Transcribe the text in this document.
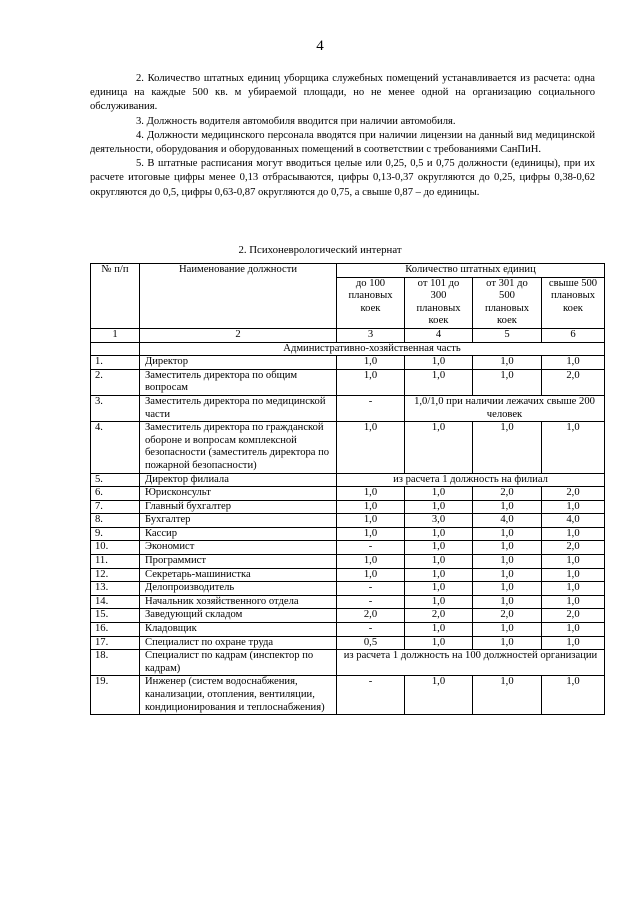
4

2. Количество штатных единиц уборщика служебных помещений устанавливается из расчета: одна единица на каждые 500 кв. м убираемой площади, но не менее одной на организацию социального обслуживания.

3. Должность водителя автомобиля вводится при наличии автомобиля.

4. Должности медицинского персонала вводятся при наличии лицензии на данный вид медицинской деятельности, оборудования и оборудованных помещений в соответствии с требованиями СанПиН.

5. В штатные расписания могут вводиться целые или 0,25, 0,5 и 0,75 должности (единицы), при их расчете итоговые цифры менее 0,13 отбрасываются, цифры 0,13-0,37 округляются до 0,25, цифры 0,38-0,62 округляются до 0,5, цифры 0,63-0,87 округляются до 0,75, а свыше 0,87 – до единицы.

2. Психоневрологический интернат
№ п/п	Наименование должности	Количество штатных единиц			
		до 100 плановых коек	от 101 до 300 плановых коек	от 301 до 500 плановых коек	свыше 500 плановых коек
1	2	3	4	5	6
	Административно-хозяйственная часть				
1.	Директор	1,0	1,0	1,0	1,0
2.	Заместитель директора по общим вопросам	1,0	1,0	1,0	2,0
3.	Заместитель директора по медицинской части	-	1,0/1,0 при наличии лежачих свыше 200 человек		
4.	Заместитель директора по гражданской обороне и вопросам комплексной безопасности (заместитель директора по пожарной безопасности)	1,0	1,0	1,0	1,0
5.	Директор филиала	из расчета 1 должность на филиал			
6.	Юрисконсульт	1,0	1,0	2,0	2,0
7.	Главный бухгалтер	1,0	1,0	1,0	1,0
8.	Бухгалтер	1,0	3,0	4,0	4,0
9.	Кассир	1,0	1,0	1,0	1,0
10.	Экономист	-	1,0	1,0	2,0
11.	Программист	1,0	1,0	1,0	1,0
12.	Секретарь-машинистка	1,0	1,0	1,0	1,0
13.	Делопроизводитель	-	1,0	1,0	1,0
14.	Начальник хозяйственного отдела	-	1,0	1,0	1,0
15.	Заведующий складом	2,0	2,0	2,0	2,0
16.	Кладовщик	-	1,0	1,0	1,0
17.	Специалист по охране труда	0,5	1,0	1,0	1,0
18.	Специалист по кадрам (инспектор по кадрам)	из расчета 1 должность на 100 должностей организации			
19.	Инженер (систем водоснабжения, канализации, отопления, вентиляции, кондиционирования и теплоснабжения)	-	1,0	1,0	1,0
